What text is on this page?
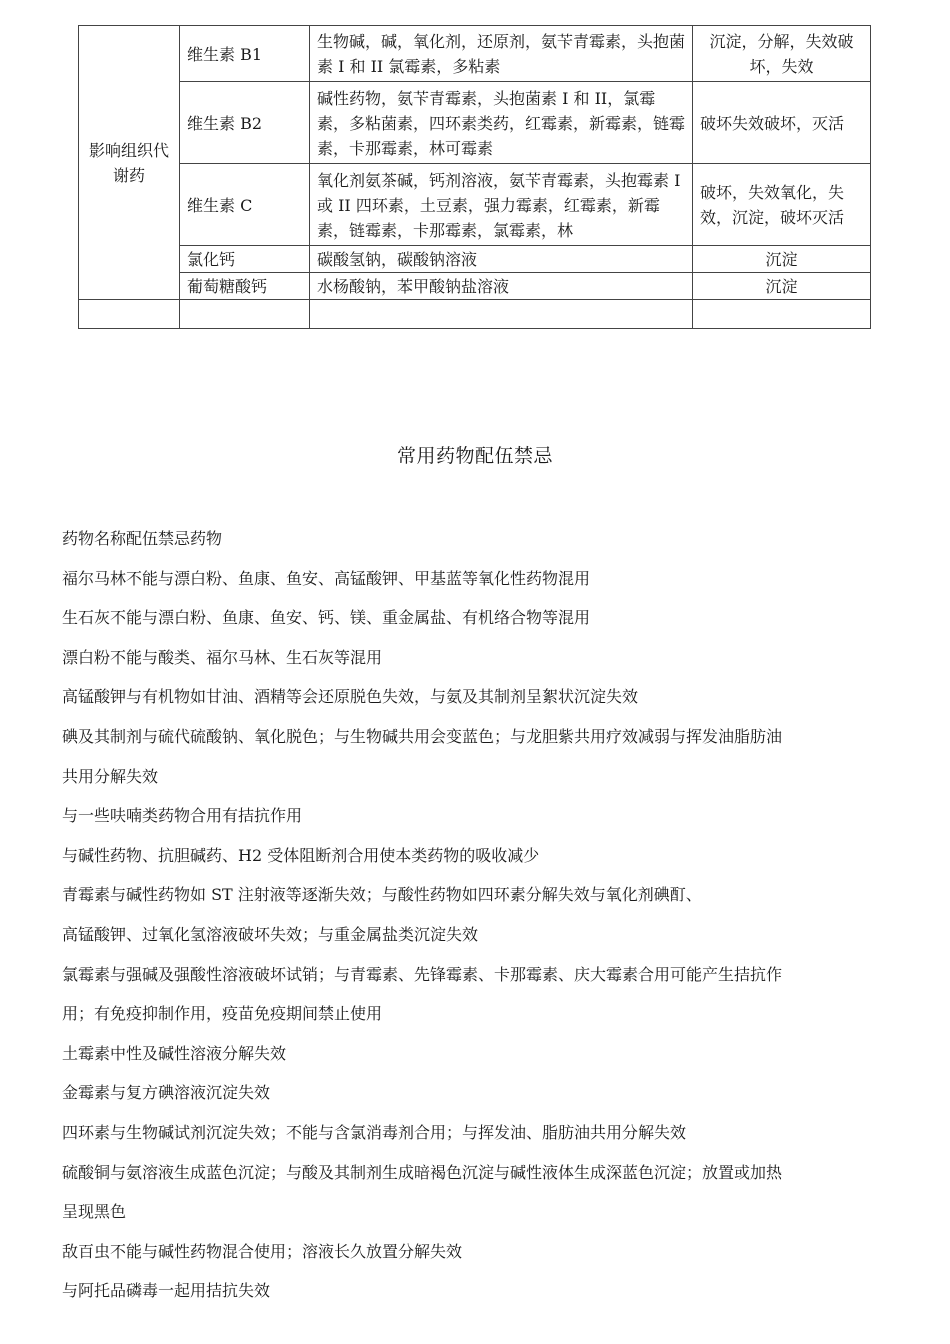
影响组织代谢药	维生素 B1	生物碱，碱，氧化剂，还原剂，氨苄青霉素，头抱菌素 I 和 II 氯霉素，多粘素	沉淀，分解，失效破坏，失效
	维生素 B2	碱性药物，氨苄青霉素，头抱菌素 I 和 II，氯霉素，多粘菌素，四环素类药，红霉素，新霉素，链霉素，卡那霉素，林可霉素	破坏失效破坏，灭活
	维生素 C	氧化剂氨茶碱，钙剂溶液，氨苄青霉素，头抱霉素 I 或 II 四环素，土豆素，强力霉素，红霉素，新霉素，链霉素，卡那霉素，氯霉素，林	破坏，失效氧化，失效，沉淀，破坏灭活
	氯化钙	碳酸氢钠，碳酸钠溶液	沉淀
	葡萄糖酸钙	水杨酸钠，苯甲酸钠盐溶液	沉淀

常用药物配伍禁忌

药物名称配伍禁忌药物

福尔马林不能与漂白粉、鱼康、鱼安、高锰酸钾、甲基蓝等氧化性药物混用

生石灰不能与漂白粉、鱼康、鱼安、钙、镁、重金属盐、有机络合物等混用

漂白粉不能与酸类、福尔马林、生石灰等混用

高锰酸钾与有机物如甘油、酒精等会还原脱色失效，与氨及其制剂呈絮状沉淀失效

碘及其制剂与硫代硫酸钠、氧化脱色；与生物碱共用会变蓝色；与龙胆紫共用疗效减弱与挥发油脂肪油

共用分解失效

与一些呋喃类药物合用有拮抗作用

与碱性药物、抗胆碱药、H2 受体阻断剂合用使本类药物的吸收减少

青霉素与碱性药物如 ST 注射液等逐渐失效；与酸性药物如四环素分解失效与氧化剂碘酊、

高锰酸钾、过氧化氢溶液破坏失效；与重金属盐类沉淀失效

氯霉素与强碱及强酸性溶液破坏试销；与青霉素、先锋霉素、卡那霉素、庆大霉素合用可能产生拮抗作

用；有免疫抑制作用，疫苗免疫期间禁止使用

土霉素中性及碱性溶液分解失效

金霉素与复方碘溶液沉淀失效

四环素与生物碱试剂沉淀失效；不能与含氯消毒剂合用；与挥发油、脂肪油共用分解失效

硫酸铜与氨溶液生成蓝色沉淀；与酸及其制剂生成暗褐色沉淀与碱性液体生成深蓝色沉淀；放置或加热

呈现黑色

敌百虫不能与碱性药物混合使用；溶液长久放置分解失效

与阿托品磷毒一起用拮抗失效
